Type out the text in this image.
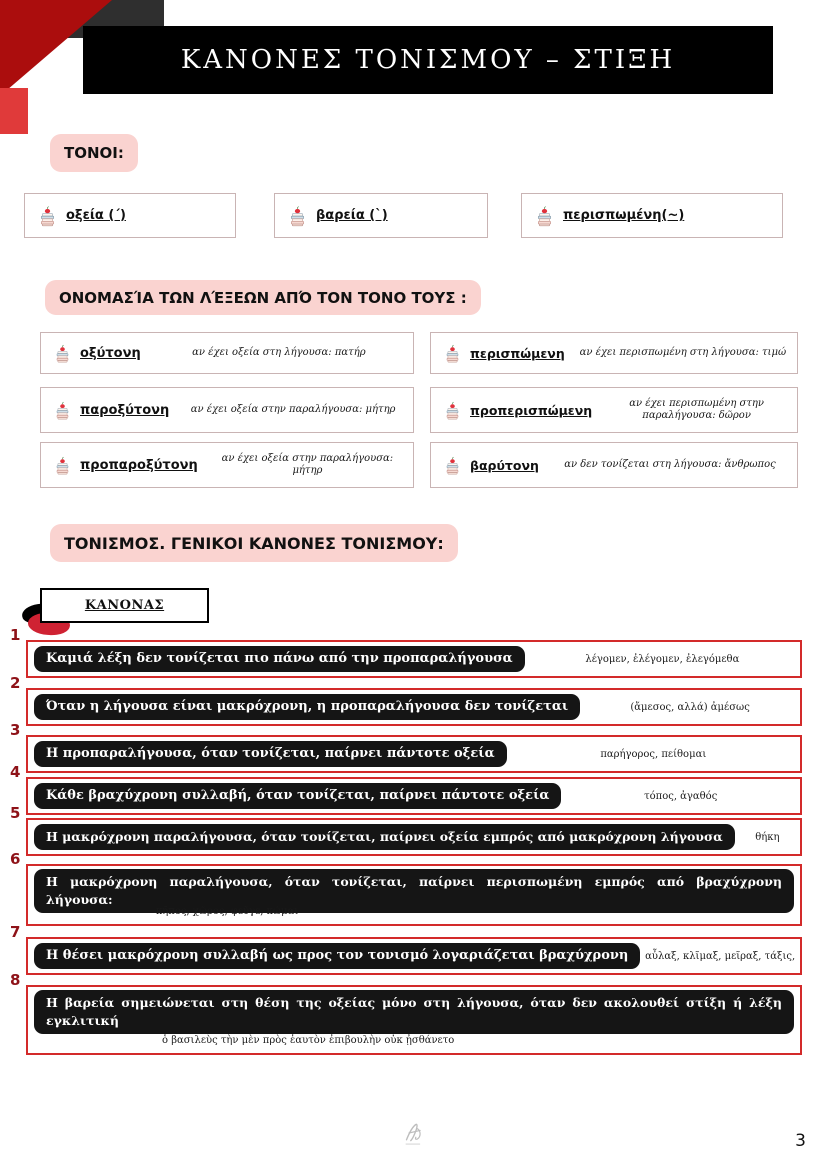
ΚΑΝΟΝΕΣ ΤΟΝΙΣΜΟΥ – ΣΤΙΞΗ
ΤΟΝΟΙ:
οξεία (΄)	βαρεία (`)	περισπωμένη(~)
ΟΝΟΜΑΣΊΑ ΤΩΝ ΛΈΞΕΩΝ ΑΠΌ ΤΟΝ ΤΟΝΟ ΤΟΥΣ :
οξύτονη	αν έχει οξεία στη λήγουσα: πατήρ
παροξύτονη	αν έχει οξεία στην παραλήγουσα: μήτηρ
προπαροξύτονη	αν έχει οξεία στην παραλήγουσα: μήτηρ
περισπώμενη	αν έχει περισπωμένη στη λήγουσα: τιμώ
προπερισπώμενη	αν έχει περισπωμένη στην παραλήγουσα: δῶρον
βαρύτονη	αν δεν τονίζεται στη λήγουσα: ἄνθρωπος
ΤΟΝΙΣΜΟΣ. ΓΕΝΙΚΟΙ ΚΑΝΟΝΕΣ ΤΟΝΙΣΜΟΥ:
ΚΑΝΟΝΑΣ
1
Καμιά λέξη δεν τονίζεται πιο πάνω από την προπαραλήγουσα	λέγομεν, ἐλέγομεν, ἐλεγόμεθα
2
Όταν η λήγουσα είναι μακρόχρονη, η προπαραλήγουσα δεν τονίζεται	(ἄμεσος, αλλά) ἀμέσως
3
Η προπαραλήγουσα, όταν τονίζεται, παίρνει πάντοτε οξεία	παρήγορος, πείθομαι
4
Κάθε βραχύχρονη συλλαβή, όταν τονίζεται, παίρνει πάντοτε οξεία	τόπος, ἀγαθός
5
Η μακρόχρονη παραλήγουσα, όταν τονίζεται, παίρνει οξεία εμπρός από μακρόχρονη λήγουσα	θήκη
6
Η μακρόχρονη παραλήγουσα, όταν τονίζεται, παίρνει περισπωμένη εμπρός από βραχύχρονη λήγουσα:
κῆπος, χῶρος, φεῦγε, κώμαι
7
Η θέσει μακρόχρονη συλλαβή ως προς τον τονισμό λογαριάζεται βραχύχρονη	αὖλαξ, κλῖμαξ, μεῖραξ, τάξις,
8
Η βαρεία σημειώνεται στη θέση της οξείας μόνο στη λήγουσα, όταν δεν ακολουθεί στίξη ή λέξη εγκλιτική
ὁ βασιλεὺς τὴν μὲν πρὸς ἑαυτὸν ἐπιβουλὴν οὐκ ᾐσθάνετο
3
